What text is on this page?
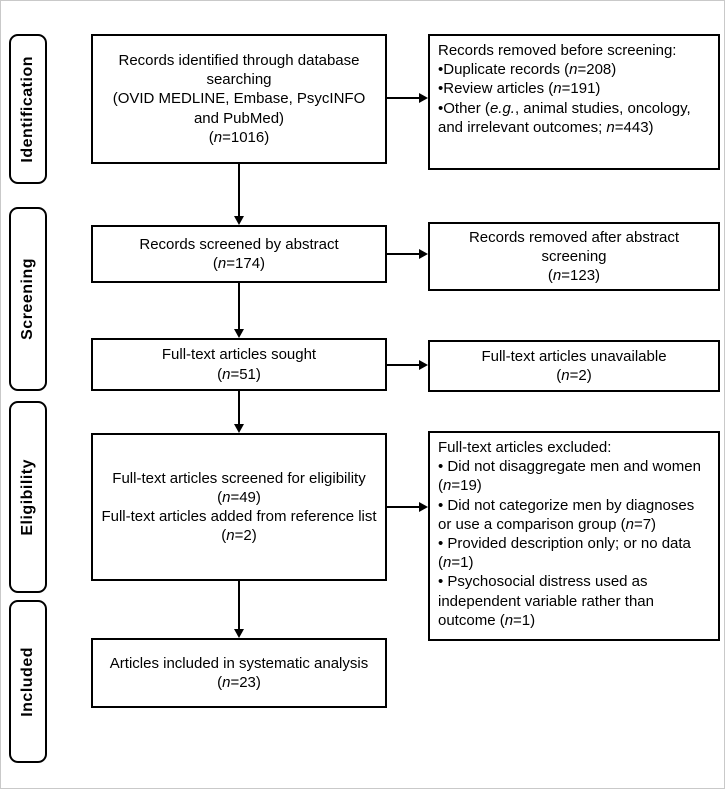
Identification
Screening
Eligibility
Included
Records identified through database searching
(OVID MEDLINE, Embase, PsycINFO and PubMed)
(n=1016)
Records screened by abstract
(n=174)
Full-text articles sought
(n=51)
Full-text articles screened for eligibility
(n=49)
Full-text articles added from reference list
(n=2)
Articles included in systematic analysis
(n=23)
Records removed before screening:
•Duplicate records (n=208)
•Review articles (n=191)
•Other (e.g., animal studies, oncology, and irrelevant outcomes; n=443)
Records removed after abstract screening
(n=123)
Full-text articles unavailable
(n=2)
Full-text articles excluded:
• Did not disaggregate men and women (n=19)
• Did not categorize men by diagnoses or use a comparison group (n=7)
• Provided description only; or no data (n=1)
• Psychosocial distress used as independent variable rather than outcome (n=1)
